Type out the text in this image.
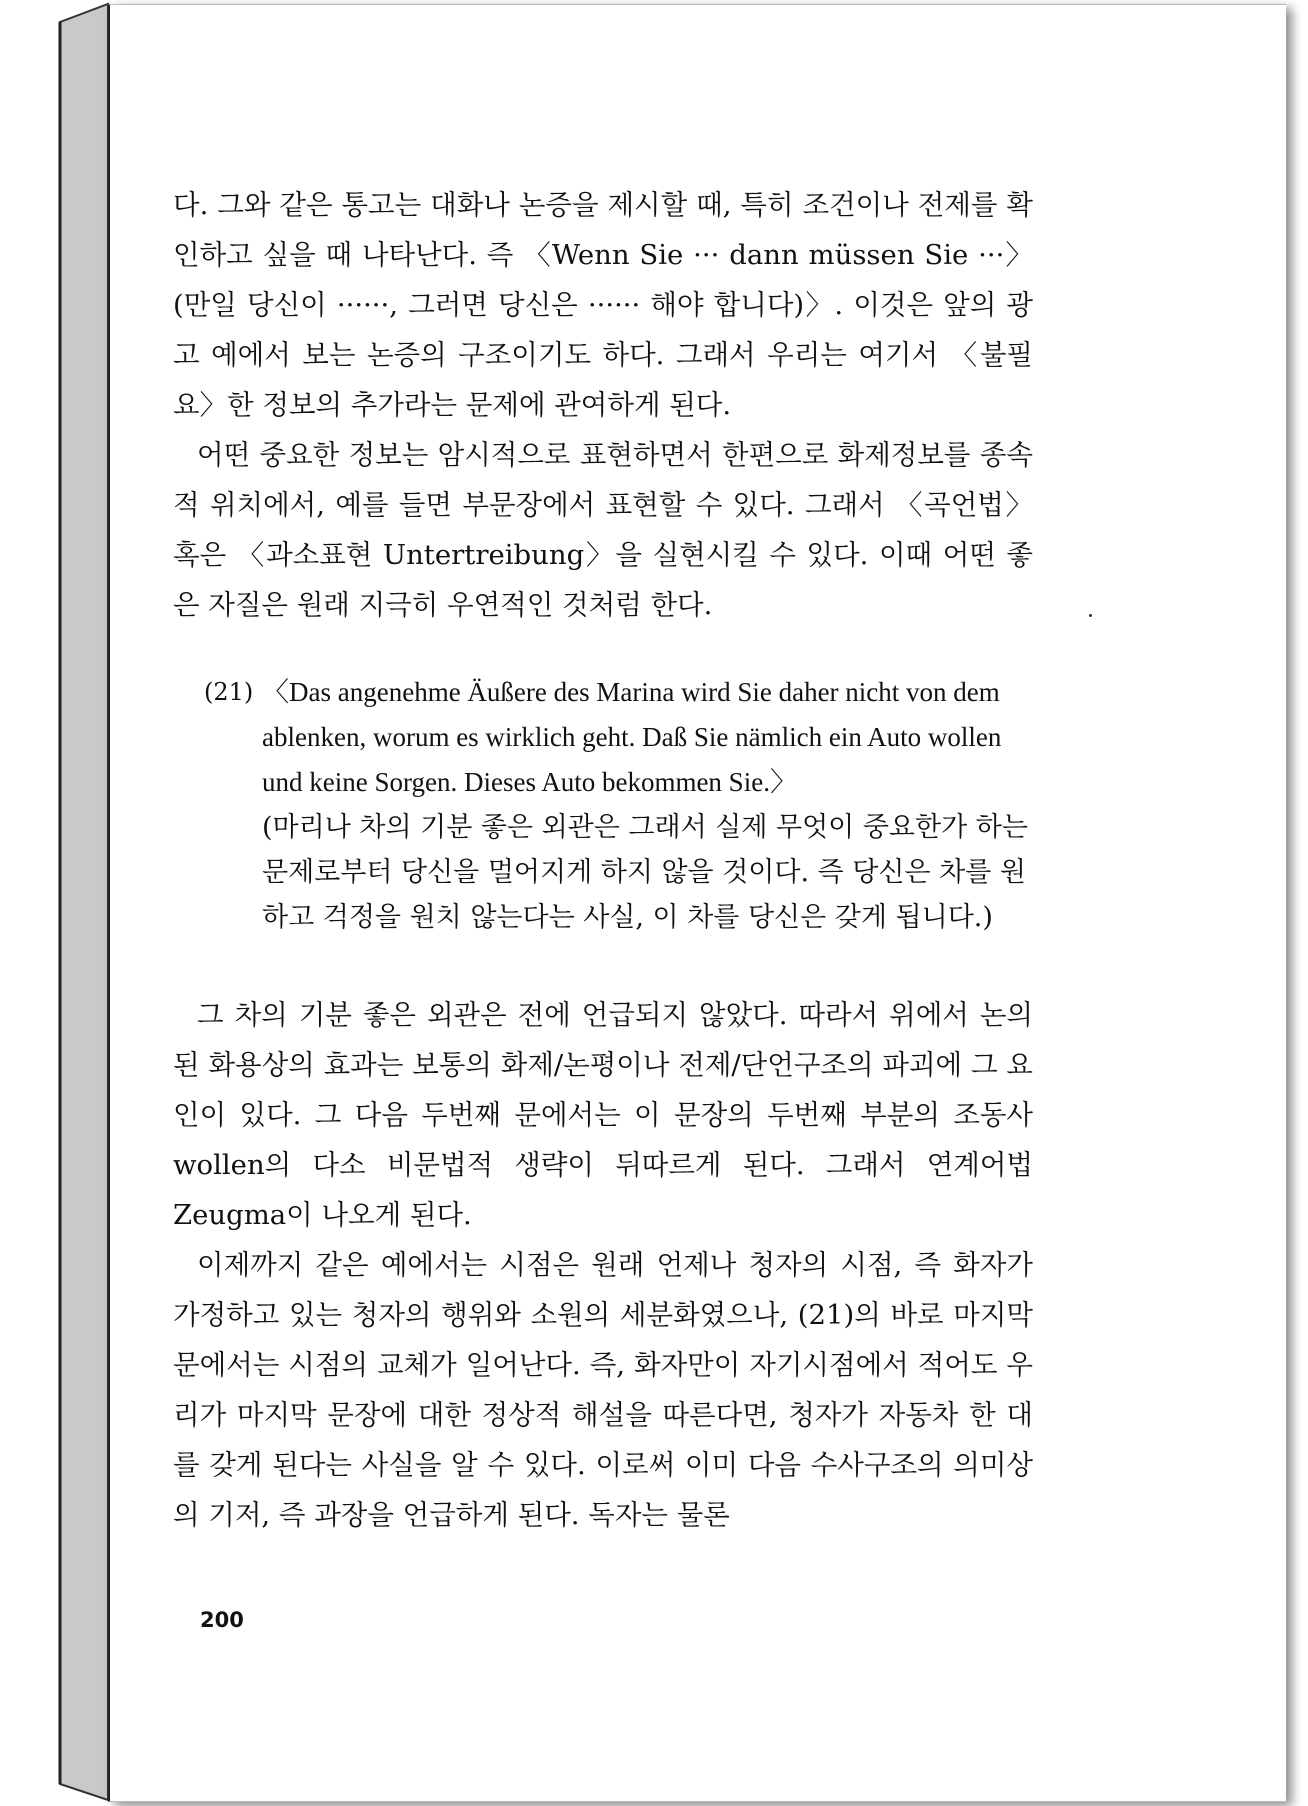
다. 그와 같은 통고는 대화나 논증을 제시할 때, 특히 조건이나 전제를 확인하고 싶을 때 나타난다. 즉 〈Wenn Sie ··· dann müssen Sie ···〉(만일 당신이 ······, 그러면 당신은 ······ 해야 합니다)〉. 이것은 앞의 광고 예에서 보는 논증의 구조이기도 하다. 그래서 우리는 여기서 〈불필요〉한 정보의 추가라는 문제에 관여하게 된다.

어떤 중요한 정보는 암시적으로 표현하면서 한편으로 화제정보를 종속적 위치에서, 예를 들면 부문장에서 표현할 수 있다. 그래서 〈곡언법〉 혹은 〈과소표현 Untertreibung〉을 실현시킬 수 있다. 이때 어떤 좋은 자질은 원래 지극히 우연적인 것처럼 한다.

(21) 〈Das angenehme Äußere des Marina wird Sie daher nicht von dem ablenken, worum es wirklich geht. Daß Sie nämlich ein Auto wollen und keine Sorgen. Dieses Auto bekommen Sie.〉

(마리나 차의 기분 좋은 외관은 그래서 실제 무엇이 중요한가 하는 문제로부터 당신을 멀어지게 하지 않을 것이다. 즉 당신은 차를 원하고 걱정을 원치 않는다는 사실, 이 차를 당신은 갖게 됩니다.)

그 차의 기분 좋은 외관은 전에 언급되지 않았다. 따라서 위에서 논의된 화용상의 효과는 보통의 화제/논평이나 전제/단언구조의 파괴에 그 요인이 있다. 그 다음 두번째 문에서는 이 문장의 두번째 부분의 조동사 wollen의 다소 비문법적 생략이 뒤따르게 된다. 그래서 연계어법 Zeugma이 나오게 된다.

이제까지 같은 예에서는 시점은 원래 언제나 청자의 시점, 즉 화자가 가정하고 있는 청자의 행위와 소원의 세분화였으나, (21)의 바로 마지막 문에서는 시점의 교체가 일어난다. 즉, 화자만이 자기시점에서 적어도 우리가 마지막 문장에 대한 정상적 해설을 따른다면, 청자가 자동차 한 대를 갖게 된다는 사실을 알 수 있다. 이로써 이미 다음 수사구조의 의미상의 기저, 즉 과장을 언급하게 된다. 독자는 물론

200
